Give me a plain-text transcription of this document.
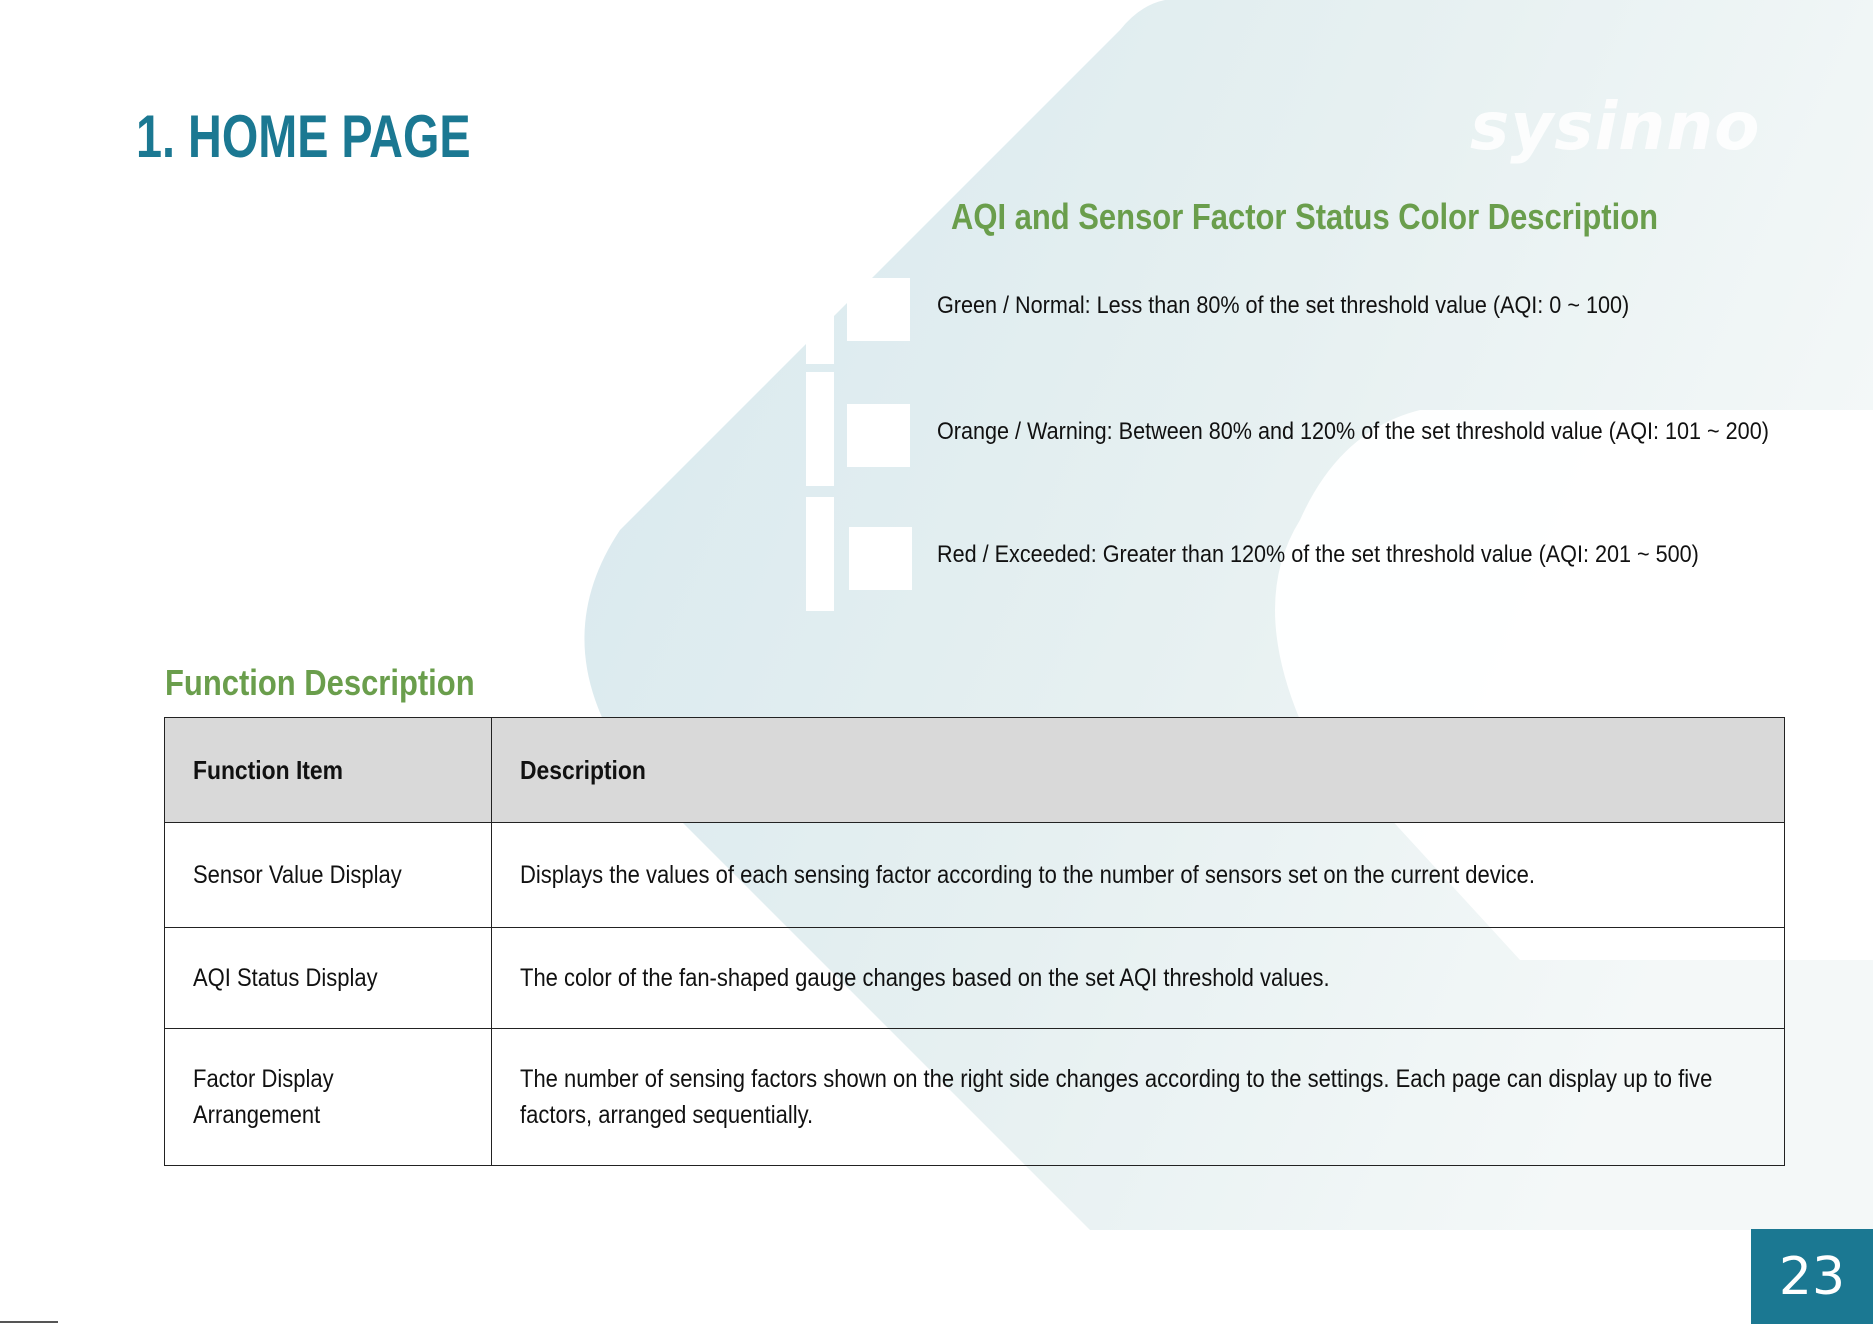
sysinno
1. HOME PAGE
AQI and Sensor Factor Status Color Description
Green / Normal: Less than 80% of the set threshold value (AQI: 0 ~ 100)
Orange / Warning: Between 80% and 120% of the set threshold value (AQI: 101 ~ 200)
Red / Exceeded: Greater than 120% of the set threshold value (AQI: 201 ~ 500)
Function Description
Function Item	Description
Sensor Value Display	Displays the values of each sensing factor according to the number of sensors set on the current device.
AQI Status Display	The color of the fan-shaped gauge changes based on the set AQI threshold values.
Factor Display Arrangement	The number of sensing factors shown on the right side changes according to the settings. Each page can display up to five factors, arranged sequentially.
23
